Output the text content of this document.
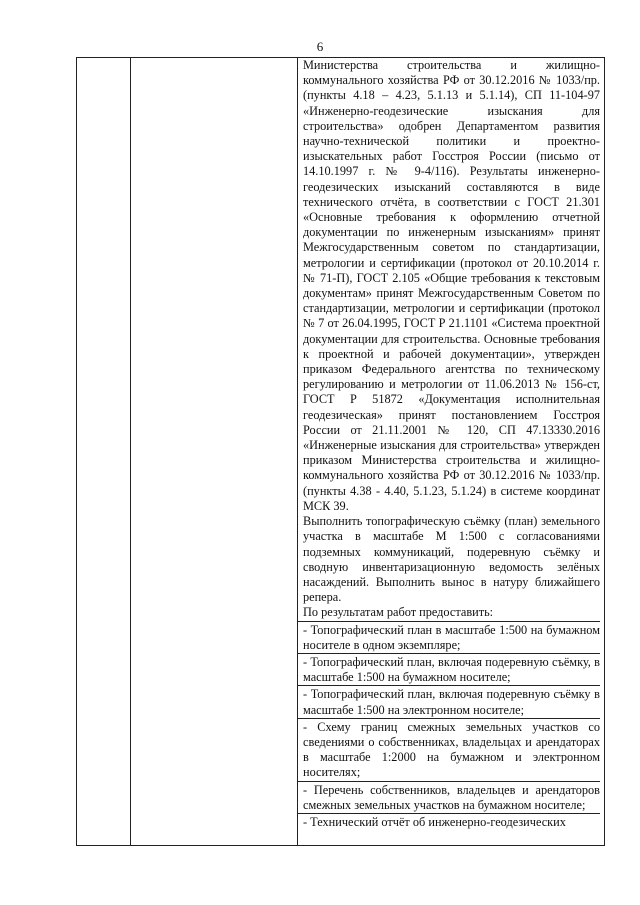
6

Министерства строительства и жилищно-коммунального хозяйства РФ от 30.12.2016 № 1033/пр. (пункты 4.18 – 4.23, 5.1.13 и 5.1.14), СП 11-104-97 «Инженерно-геодезические изыскания для строительства» одобрен Департаментом развития научно-технической политики и проектно-изыскательных работ Госстроя России (письмо от 14.10.1997 г. № 9-4/116). Результаты инженерно-геодезических изысканий составляются в виде технического отчёта, в соответствии с ГОСТ 21.301 «Основные требования к оформлению отчетной документации по инженерным изысканиям» принят Межгосударственным советом по стандартизации, метрологии и сертификации (протокол от 20.10.2014 г. № 71-П), ГОСТ 2.105 «Общие требования к текстовым документам» принят Межгосударственным Советом по стандартизации, метрологии и сертификации (протокол № 7 от 26.04.1995, ГОСТ Р 21.1101 «Система проектной документации для строительства. Основные требования к проектной и рабочей документации», утвержден приказом Федерального агентства по техническому регулированию и метрологии от 11.06.2013 № 156-ст, ГОСТ Р 51872 «Документация исполнительная геодезическая» принят постановлением Госстроя России от 21.11.2001 № 120, СП 47.13330.2016 «Инженерные изыскания для строительства» утвержден приказом Министерства строительства и жилищно-коммунального хозяйства РФ от 30.12.2016 № 1033/пр. (пункты 4.38 - 4.40, 5.1.23, 5.1.24) в системе координат МСК 39.

Выполнить топографическую съёмку (план) земельного участка в масштабе М 1:500 с согласованиями подземных коммуникаций, подеревную съёмку и сводную инвентаризационную ведомость зелёных насаждений. Выполнить вынос в натуру ближайшего репера.

По результатам работ предоставить:

- Топографический план в масштабе 1:500 на бумажном носителе в одном экземпляре;

- Топографический план, включая подеревную съёмку, в масштабе 1:500 на бумажном носителе;

- Топографический план, включая подеревную съёмку в масштабе 1:500 на электронном носителе;

- Схему границ смежных земельных участков со сведениями о собственниках, владельцах и арендаторах в масштабе 1:2000 на бумажном и электронном носителях;

- Перечень собственников, владельцев и арендаторов смежных земельных участков на бумажном носителе;

- Технический отчёт об инженерно-геодезических
